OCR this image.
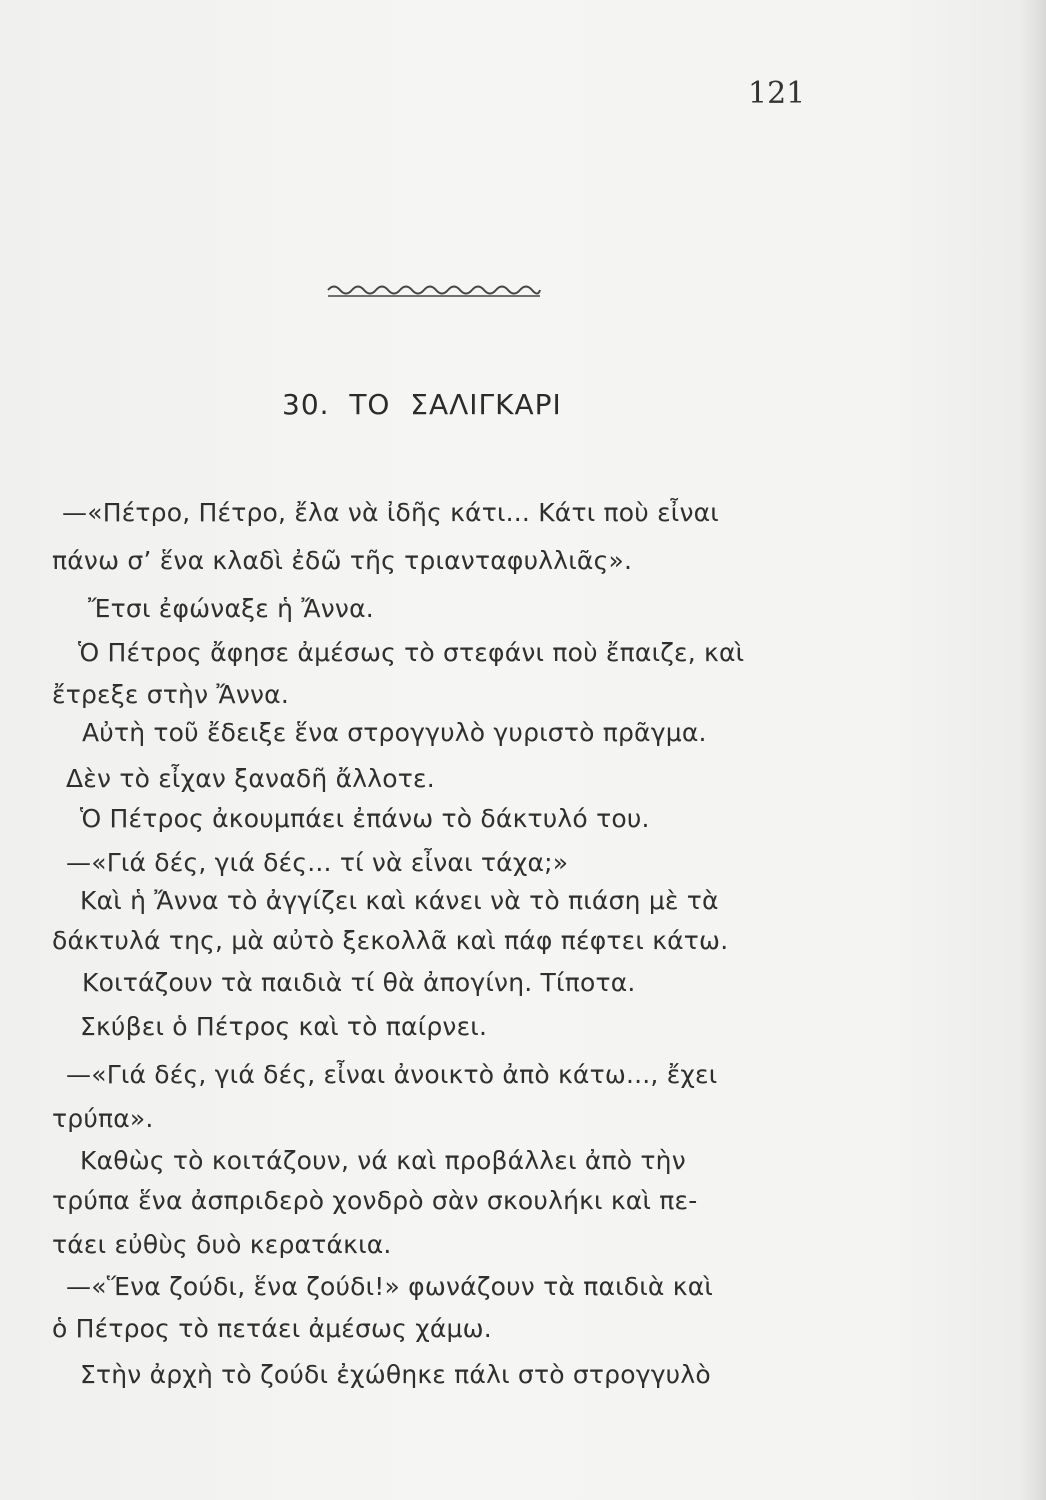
121
30.  ΤΟ  ΣΑΛΙΓΚΑΡΙ
—«Πέτρο, Πέτρο, ἔλα νὰ ἰδῆς κάτι... Κάτι ποὺ εἶναι
πάνω σ’ ἕνα κλαδὶ ἐδῶ τῆς τριανταφυλλιᾶς».
Ἔτσι ἐφώναξε ἡ Ἄννα.
Ὁ Πέτρος ἄφησε ἀμέσως τὸ στεφάνι ποὺ ἔπαιζε, καὶ
ἔτρεξε στὴν Ἄννα.
Αὐτὴ τοῦ ἔδειξε ἕνα στρογγυλὸ γυριστὸ πρᾶγμα.
Δὲν τὸ εἶχαν ξαναδῆ ἄλλοτε.
Ὁ Πέτρος ἀκουμπάει ἐπάνω τὸ δάκτυλό του.
—«Γιά δές, γιά δές... τί νὰ εἶναι τάχα;»
Καὶ ἡ Ἄννα τὸ ἀγγίζει καὶ κάνει νὰ τὸ πιάση μὲ τὰ
δάκτυλά της, μὰ αὐτὸ ξεκολλᾶ καὶ πάφ πέφτει κάτω.
Κοιτάζουν τὰ παιδιὰ τί θὰ ἀπογίνη. Τίποτα.
Σκύβει ὁ Πέτρος καὶ τὸ παίρνει.
—«Γιά δές, γιά δές, εἶναι ἀνοικτὸ ἀπὸ κάτω..., ἔχει
τρύπα».
Καθὼς τὸ κοιτάζουν, νά καὶ προβάλλει ἀπὸ τὴν
τρύπα ἕνα ἀσπριδερὸ χονδρὸ σὰν σκουλήκι καὶ πε-
τάει εὐθὺς δυὸ κερατάκια.
—«Ἕνα ζούδι, ἕνα ζούδι!» φωνάζουν τὰ παιδιὰ καὶ
ὁ Πέτρος τὸ πετάει ἀμέσως χάμω.
Στὴν ἀρχὴ τὸ ζούδι ἐχώθηκε πάλι στὸ στρογγυλὸ
